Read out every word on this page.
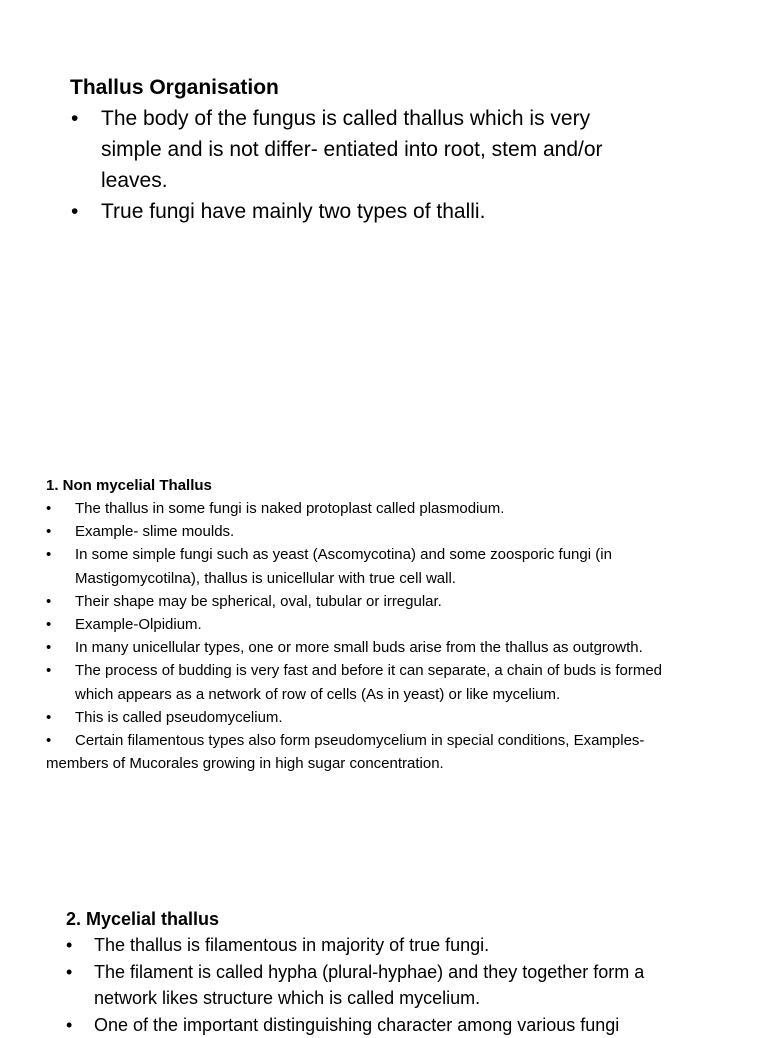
Thallus Organisation

• The body of the fungus is called thallus which is very simple and is not differ- entiated into root, stem and/or leaves.
• True fungi have mainly two types of thalli.

1. Non mycelial Thallus

• The thallus in some fungi is naked protoplast called plasmodium.
• Example- slime moulds.
• In some simple fungi such as yeast (Ascomycotina) and some zoosporic fungi (in Mastigomycotilna), thallus is unicellular with true cell wall.
• Their shape may be spherical, oval, tubular or irregular.
• Example-Olpidium.
• In many unicellular types, one or more small buds arise from the thallus as outgrowth.
• The process of budding is very fast and before it can separate, a chain of buds is formed which appears as a network of row of cells (As in yeast) or like mycelium.
• This is called pseudomycelium.
• Certain filamentous types also form pseudomycelium in special conditions, Examples-members of Mucorales growing in high sugar concentration.

2. Mycelial thallus

• The thallus is filamentous in majority of true fungi.
• The filament is called hypha (plural-hyphae) and they together form a network likes structure which is called mycelium.
• One of the important distinguishing character among various fungi
